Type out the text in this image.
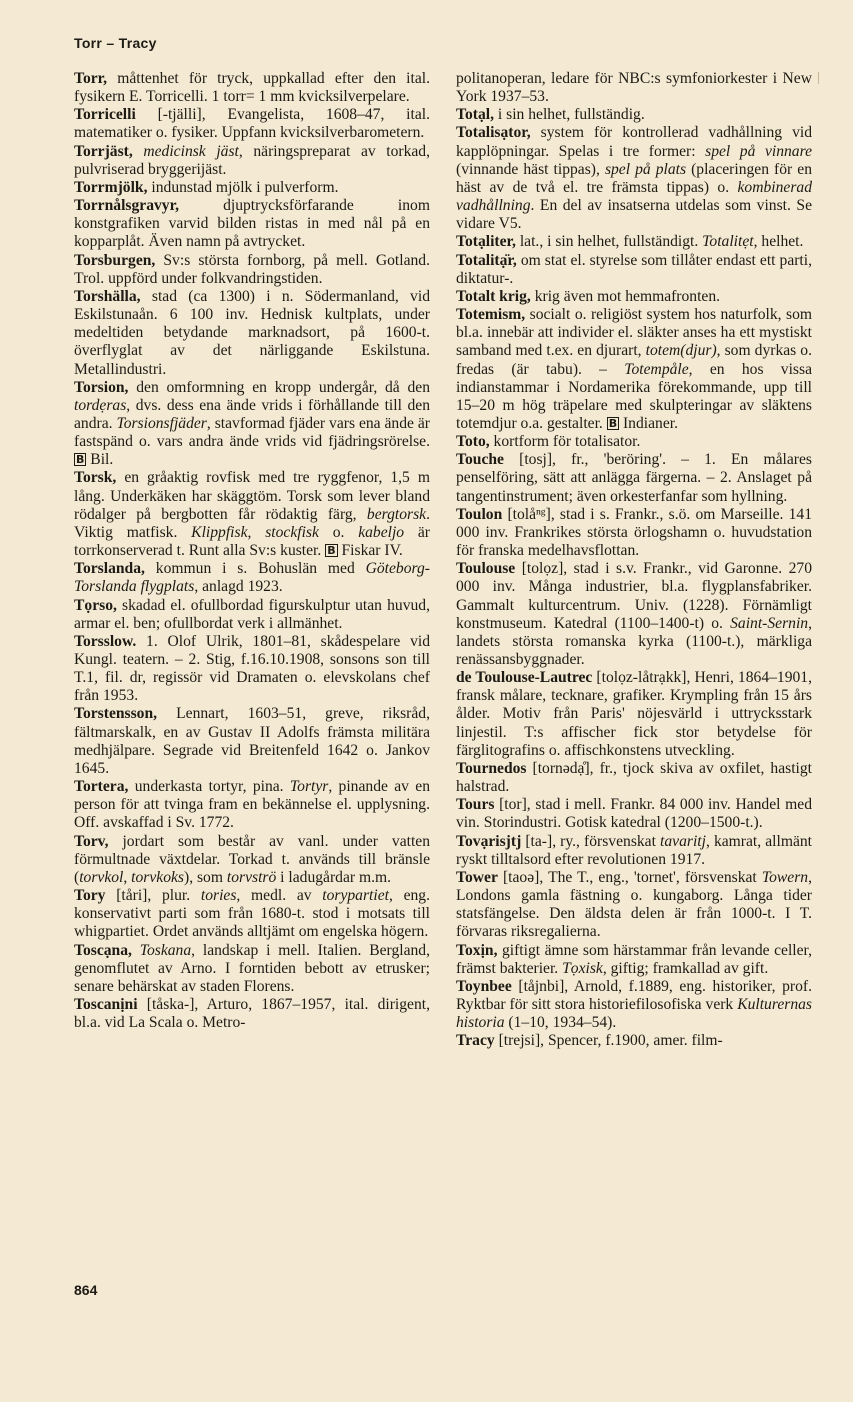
Torr – Tracy

Torr, måttenhet för tryck, uppkallad efter den ital. fysikern E. Torricelli. 1 torr= 1 mm kvicksilverpelare.

Torricelli [-tjälli], Evangelista, 1608–47, ital. matematiker o. fysiker. Uppfann kvicksilverbarometern.

Torrjäst, medicinsk jäst, näringspreparat av torkad, pulvriserad bryggerijäst.

Torrmjölk, indunstad mjölk i pulverform.

Torrnålsgravyr, djuptrycksförfarande inom konstgrafiken varvid bilden ristas in med nål på en kopparplåt. Även namn på avtrycket.

Torsburgen, Sv:s största fornborg, på mell. Gotland. Trol. uppförd under folkvandringstiden.

Torshälla, stad (ca 1300) i n. Södermanland, vid Eskilstunaån. 6 100 inv. Hednisk kultplats, under medeltiden betydande marknadsort, på 1600-t. överflyglat av det närliggande Eskilstuna. Metallindustri.

Torsion, den omformning en kropp undergår, då den tordẹras, dvs. dess ena ände vrids i förhållande till den andra. Torsionsfjäder, stavformad fjäder vars ena ände är fastspänd o. vars andra ände vrids vid fjädringsrörelse. B Bil.

Torsk, en gråaktig rovfisk med tre ryggfenor, 1,5 m lång. Underkäken har skäggtöm. Torsk som lever bland rödalger på bergbotten får rödaktig färg, bergtorsk. Viktig matfisk. Klippfisk, stockfisk o. kabeljo är torrkonserverad t. Runt alla Sv:s kuster. B Fiskar IV.

Torslanda, kommun i s. Bohuslän med Göteborg-Torslanda flygplats, anlagd 1923.

Tọrso, skadad el. ofullbordad figurskulptur utan huvud, armar el. ben; ofullbordat verk i allmänhet.

Torsslow. 1. Olof Ulrik, 1801–81, skådespelare vid Kungl. teatern. – 2. Stig, f.16.10.1908, sonsons son till T.1, fil. dr, regissör vid Dramaten o. elevskolans chef från 1953.

Torstensson, Lennart, 1603–51, greve, riksråd, fältmarskalk, en av Gustav II Adolfs främsta militära medhjälpare. Segrade vid Breitenfeld 1642 o. Jankov 1645.

Tortera, underkasta tortyr, pina. Tortyr, pinande av en person för att tvinga fram en bekännelse el. upplysning. Off. avskaffad i Sv. 1772.

Torv, jordart som består av vanl. under vatten förmultnade växtdelar. Torkad t. används till bränsle (torvkol, torvkoks), som torvströ i ladugårdar m.m.

Tory [tåri], plur. tories, medl. av torypartiet, eng. konservativt parti som från 1680-t. stod i motsats till whigpartiet. Ordet används alltjämt om engelska högern.

Toscạna, Toskana, landskap i mell. Italien. Bergland, genomflutet av Arno. I forntiden bebott av etrusker; senare behärskat av staden Florens.

Toscanịni [tåska-], Arturo, 1867–1957, ital. dirigent, bl.a. vid La Scala o. Metro-

politanoperan, ledare för NBC:s symfoniorkester i New York 1937–53.

Totạl, i sin helhet, fullständig.

Totalisạtor, system för kontrollerad vadhållning vid kapplöpningar. Spelas i tre former: spel på vinnare (vinnande häst tippas), spel på plats (placeringen för en häst av de två el. tre främsta tippas) o. kombinerad vadhållning. En del av insatserna utdelas som vinst. Se vidare V5.

Totạliter, lat., i sin helhet, fullständigt. Totalitẹt, helhet.

Totalitạ̈r, om stat el. styrelse som tillåter endast ett parti, diktatur-.

Totalt krig, krig även mot hemmafronten.

Totemism, socialt o. religiöst system hos naturfolk, som bl.a. innebär att individer el. släkter anses ha ett mystiskt samband med t.ex. en djurart, totem(djur), som dyrkas o. fredas (är tabu). – Totempåle, en hos vissa indianstammar i Nordamerika förekommande, upp till 15–20 m hög träpelare med skulpteringar av släktens totemdjur o.a. gestalter. B Indianer.

Toto, kortform för totalisator.

Touche [tosj], fr., 'beröring'. – 1. En målares penselföring, sätt att anlägga färgerna. – 2. Anslaget på tangentinstrument; även orkesterfanfar som hyllning.

Toulon [tolåⁿᵍ], stad i s. Frankr., s.ö. om Marseille. 141 000 inv. Frankrikes största örlogshamn o. huvudstation för franska medelhavsflottan.

Toulouse [tolọz], stad i s.v. Frankr., vid Garonne. 270 000 inv. Många industrier, bl.a. flygplansfabriker. Gammalt kulturcentrum. Univ. (1228). Förnämligt konstmuseum. Katedral (1100–1400-t) o. Saint-Sernin, landets största romanska kyrka (1100-t.), märkliga renässansbyggnader.

de Toulouse-Lautrec [tolọz-låtrạkk], Henri, 1864–1901, fransk målare, tecknare, grafiker. Krympling från 15 års ålder. Motiv från Paris' nöjesvärld i uttrycksstark linjestil. T:s affischer fick stor betydelse för färglitografins o. affischkonstens utveckling.

Tournedos [tornədạ̊], fr., tjock skiva av oxfilet, hastigt halstrad.

Tours [tor], stad i mell. Frankr. 84 000 inv. Handel med vin. Storindustri. Gotisk katedral (1200–1500-t.).

Tovạrisjtj [ta-], ry., försvenskat tavaritj, kamrat, allmänt ryskt tilltalsord efter revolutionen 1917.

Tower [taoə], The T., eng., 'tornet', försvenskat Towern, Londons gamla fästning o. kungaborg. Långa tider statsfängelse. Den äldsta delen är från 1000-t. I T. förvaras riksregalierna.

Toxịn, giftigt ämne som härstammar från levande celler, främst bakterier. Tọxisk, giftig; framkallad av gift.

Toynbee [tåjnbi], Arnold, f.1889, eng. historiker, prof. Ryktbar för sitt stora historiefilosofiska verk Kulturernas historia (1–10, 1934–54).

Tracy [trejsi], Spencer, f.1900, amer. film-

864
